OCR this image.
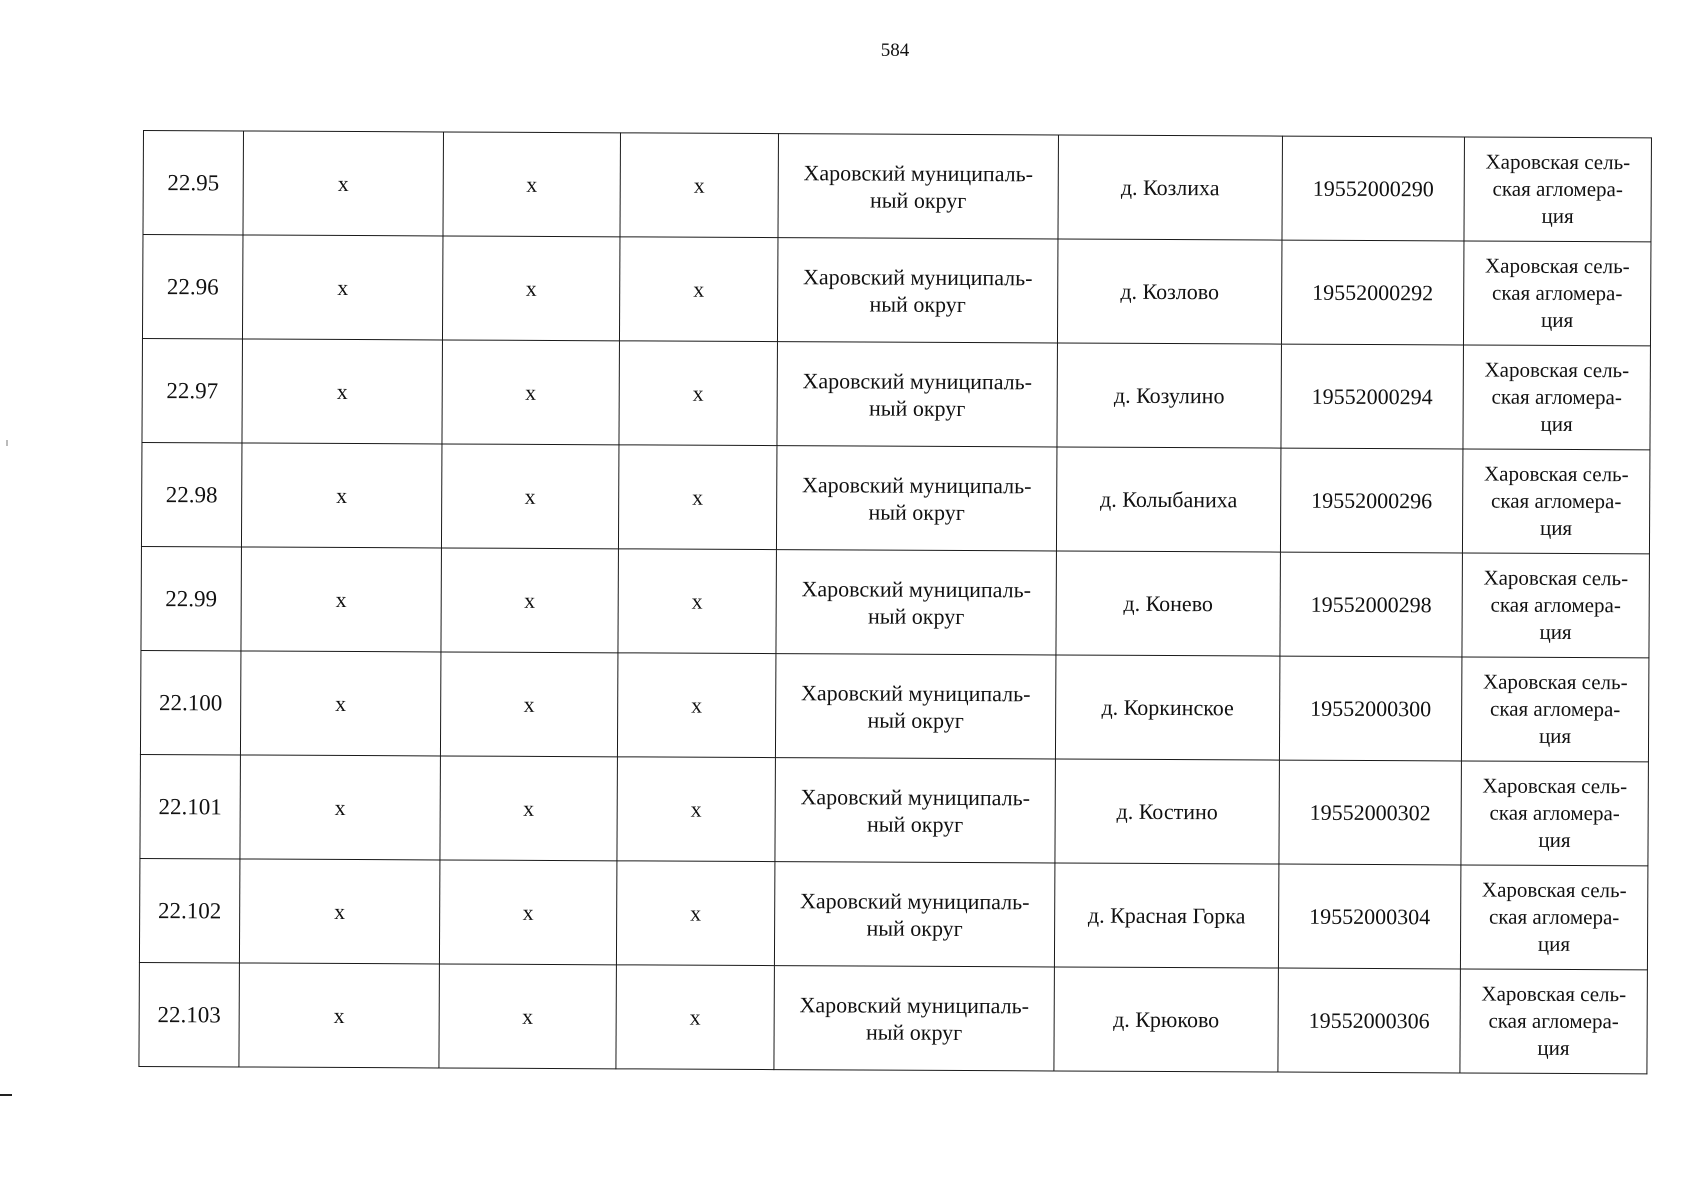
584
22.95	х	х	х	Харовский муниципаль-
ный округ	д. Козлиха	19552000290	Харовская сель-
ская агломера-
ция
22.96	х	х	х	Харовский муниципаль-
ный округ	д. Козлово	19552000292	Харовская сель-
ская агломера-
ция
22.97	х	х	х	Харовский муниципаль-
ный округ	д. Козулино	19552000294	Харовская сель-
ская агломера-
ция
22.98	х	х	х	Харовский муниципаль-
ный округ	д. Колыбаниха	19552000296	Харовская сель-
ская агломера-
ция
22.99	х	х	х	Харовский муниципаль-
ный округ	д. Конево	19552000298	Харовская сель-
ская агломера-
ция
22.100	х	х	х	Харовский муниципаль-
ный округ	д. Коркинское	19552000300	Харовская сель-
ская агломера-
ция
22.101	х	х	х	Харовский муниципаль-
ный округ	д. Костино	19552000302	Харовская сель-
ская агломера-
ция
22.102	х	х	х	Харовский муниципаль-
ный округ	д. Красная Горка	19552000304	Харовская сель-
ская агломера-
ция
22.103	х	х	х	Харовский муниципаль-
ный округ	д. Крюково	19552000306	Харовская сель-
ская агломера-
ция
